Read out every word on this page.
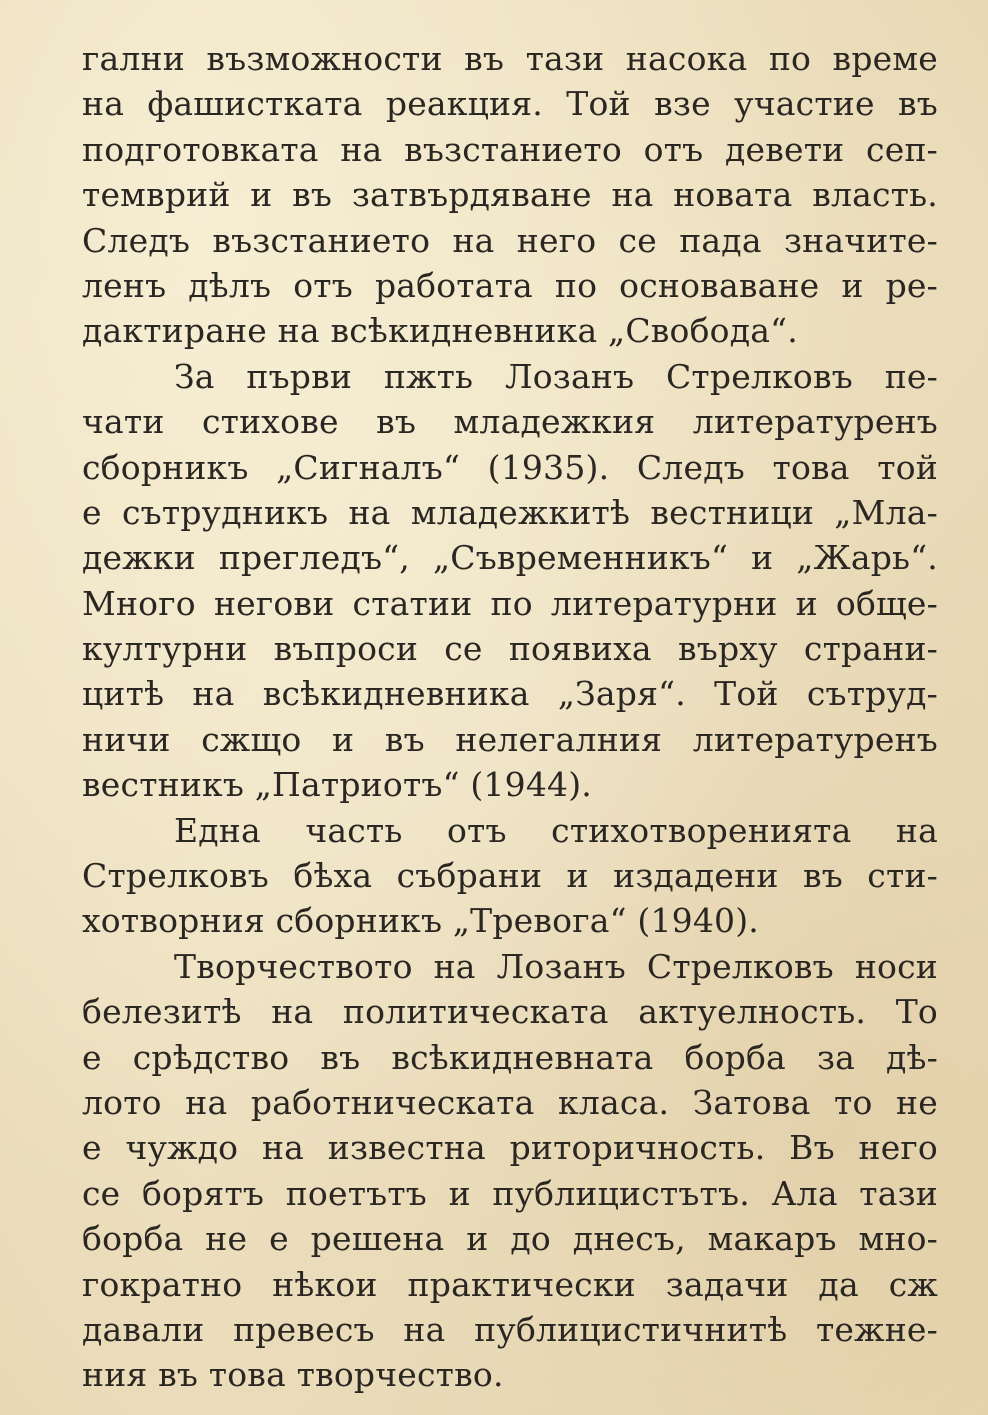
гални възможности въ тази насока по време
на фашистката реакция. Той взе участие въ
подготовката на възстанието отъ девети сеп-
темврий и въ затвърдяване на новата власть.
Следъ възстанието на него се пада значите-
ленъ дѣлъ отъ работата по основаване и ре-
дактиране на всѣкидневника „Свобода“.
За първи пжть Лозанъ Стрелковъ пе-
чати стихове въ младежкия литературенъ
сборникъ „Сигналъ“ (1935). Следъ това той
е сътрудникъ на младежкитѣ вестници „Мла-
дежки прегледъ“, „Съвременникъ“ и „Жарь“.
Много негови статии по литературни и обще-
културни въпроси се появиха върху страни-
цитѣ на всѣкидневника „Заря“. Той сътруд-
ничи сжщо и въ нелегалния литературенъ
вестникъ „Патриотъ“ (1944).
Една часть отъ стихотворенията на
Стрелковъ бѣха събрани и издадени въ сти-
хотворния сборникъ „Тревога“ (1940).
Творчеството на Лозанъ Стрелковъ носи
белезитѣ на политическата актуелность. То
е срѣдство въ всѣкидневната борба за дѣ-
лото на работническата класа. Затова то не
е чуждо на известна риторичность. Въ него
се борятъ поетътъ и публицистътъ. Ала тази
борба не е решена и до днесъ, макаръ мно-
гократно нѣкои практически задачи да сж
давали превесъ на публицистичнитѣ тежне-
ния въ това творчество.
